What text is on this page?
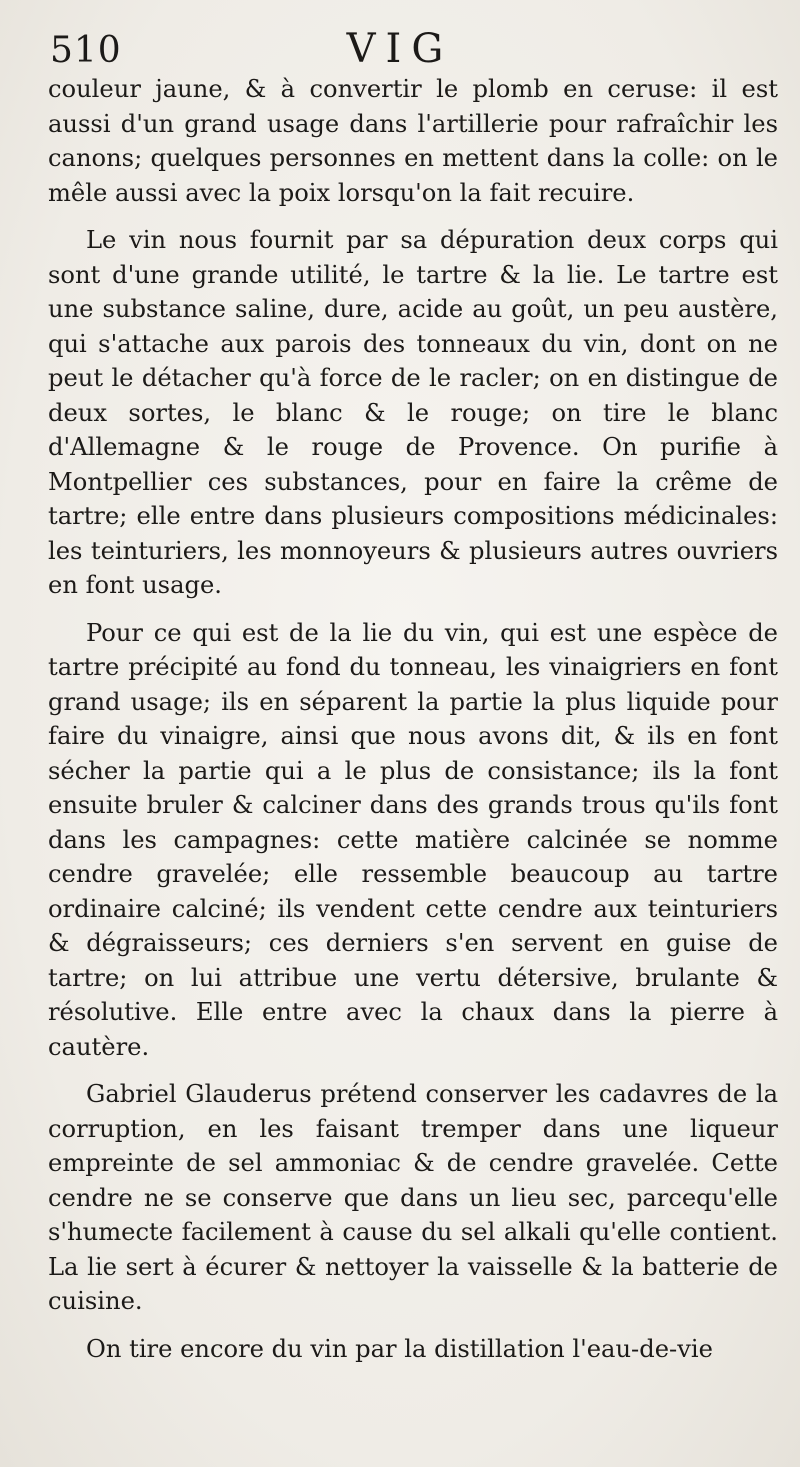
510	VIG

couleur jaune, & à convertir le plomb en ceruse: il est aussi d'un grand usage dans l'artillerie pour rafraîchir les canons; quelques personnes en mettent dans la colle: on le mêle aussi avec la poix lorsqu'on la fait recuire.

Le vin nous fournit par sa dépuration deux corps qui sont d'une grande utilité, le tartre & la lie. Le tartre est une substance saline, dure, acide au goût, un peu austère, qui s'attache aux parois des tonneaux du vin, dont on ne peut le détacher qu'à force de le racler; on en distingue de deux sortes, le blanc & le rouge; on tire le blanc d'Allemagne & le rouge de Provence. On purifie à Montpellier ces substances, pour en faire la crême de tartre; elle entre dans plusieurs compositions médicinales: les teinturiers, les monnoyeurs & plusieurs autres ouvriers en font usage.

Pour ce qui est de la lie du vin, qui est une espèce de tartre précipité au fond du tonneau, les vinaigriers en font grand usage; ils en séparent la partie la plus liquide pour faire du vinaigre, ainsi que nous avons dit, & ils en font sécher la partie qui a le plus de consistance; ils la font ensuite bruler & calciner dans des grands trous qu'ils font dans les campagnes: cette matière calcinée se nomme cendre gravelée; elle ressemble beaucoup au tartre ordinaire calciné; ils vendent cette cendre aux teinturiers & dégraisseurs; ces derniers s'en servent en guise de tartre; on lui attribue une vertu détersive, brulante & résolutive. Elle entre avec la chaux dans la pierre à cautère.

Gabriel Glauderus prétend conserver les cadavres de la corruption, en les faisant tremper dans une liqueur empreinte de sel ammoniac & de cendre gravelée. Cette cendre ne se conserve que dans un lieu sec, parcequ'elle s'humecte facilement à cause du sel alkali qu'elle contient. La lie sert à écurer & nettoyer la vaisselle & la batterie de cuisine.

On tire encore du vin par la distillation l'eau-de-vie
